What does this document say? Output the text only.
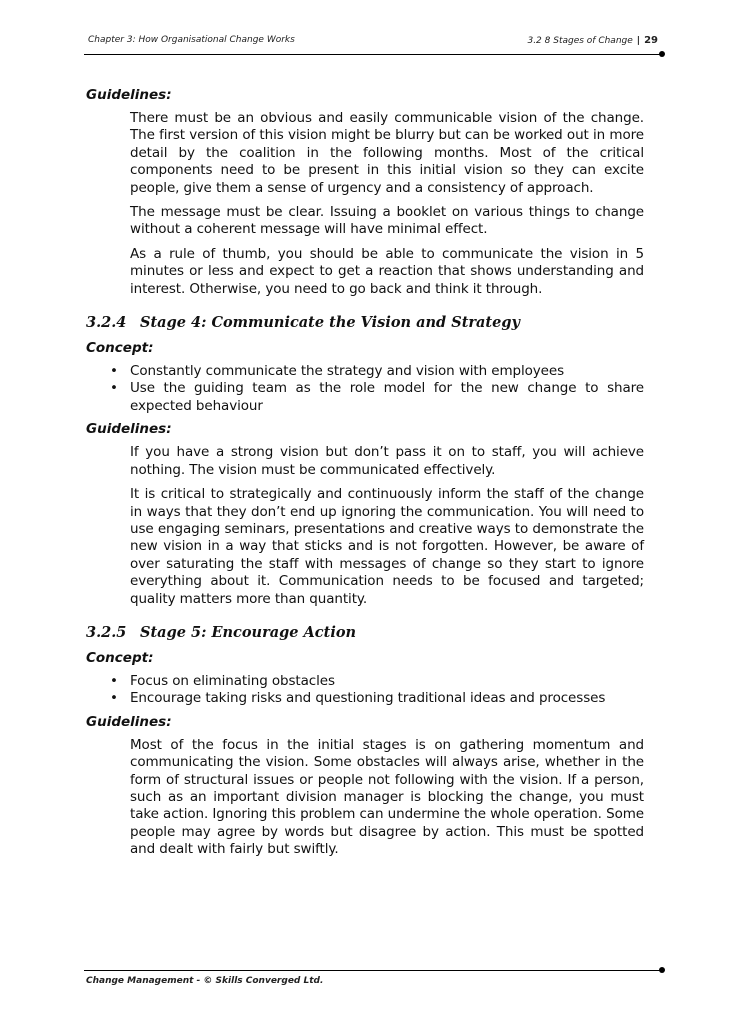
Chapter 3: How Organisational Change Works	3.2 8 Stages of Change | 29
Guidelines:

There must be an obvious and easily communicable vision of the change. The first version of this vision might be blurry but can be worked out in more detail by the coalition in the following months. Most of the critical components need to be present in this initial vision so they can excite people, give them a sense of urgency and a consistency of approach.

The message must be clear. Issuing a booklet on various things to change without a coherent message will have minimal effect.

As a rule of thumb, you should be able to communicate the vision in 5 minutes or less and expect to get a reaction that shows understanding and interest. Otherwise, you need to go back and think it through.

3.2.4 Stage 4: Communicate the Vision and Strategy
Concept:
• Constantly communicate the strategy and vision with employees
• Use the guiding team as the role model for the new change to share expected behaviour
Guidelines:

If you have a strong vision but don’t pass it on to staff, you will achieve nothing. The vision must be communicated effectively.

It is critical to strategically and continuously inform the staff of the change in ways that they don’t end up ignoring the communication. You will need to use engaging seminars, presentations and creative ways to demonstrate the new vision in a way that sticks and is not forgotten. However, be aware of over saturating the staff with messages of change so they start to ignore everything about it. Communication needs to be focused and targeted; quality matters more than quantity.

3.2.5 Stage 5: Encourage Action
Concept:
• Focus on eliminating obstacles
• Encourage taking risks and questioning traditional ideas and processes
Guidelines:

Most of the focus in the initial stages is on gathering momentum and communicating the vision. Some obstacles will always arise, whether in the form of structural issues or people not following with the vision. If a person, such as an important division manager is blocking the change, you must take action. Ignoring this problem can undermine the whole operation. Some people may agree by words but disagree by action. This must be spotted and dealt with fairly but swiftly.

Change Management - © Skills Converged Ltd.
